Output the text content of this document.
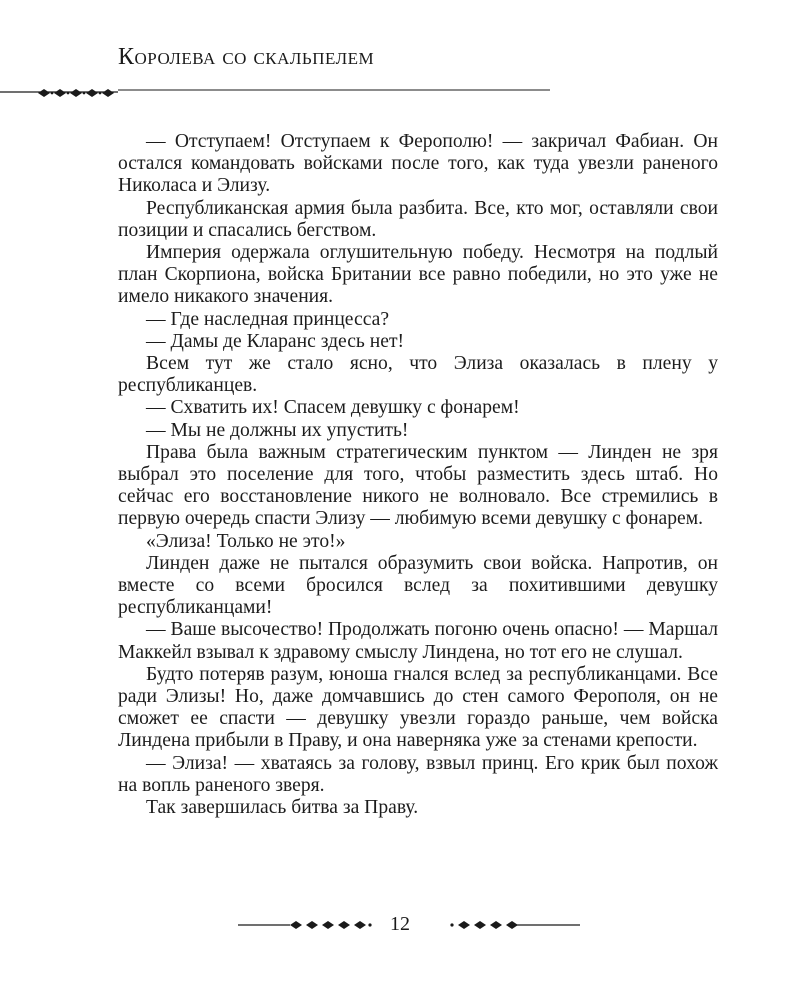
Королева со скальпелем

— Отступаем! Отступаем к Ферополю! — закричал Фабиан. Он остался командовать войсками после того, как туда увезли раненого Николаса и Элизу.

Республиканская армия была разбита. Все, кто мог, оставляли свои позиции и спасались бегством.

Империя одержала оглушительную победу. Несмотря на подлый план Скорпиона, войска Британии все равно победили, но это уже не имело никакого значения.

— Где наследная принцесса?

— Дамы де Кларанс здесь нет!

Всем тут же стало ясно, что Элиза оказалась в плену у республиканцев.

— Схватить их! Спасем девушку с фонарем!

— Мы не должны их упустить!

Права была важным стратегическим пунктом — Линден не зря выбрал это поселение для того, чтобы разместить здесь штаб. Но сейчас его восстановление никого не волновало. Все стремились в первую очередь спасти Элизу — любимую всеми девушку с фонарем.

«Элиза! Только не это!»

Линден даже не пытался образумить свои войска. Напротив, он вместе со всеми бросился вслед за похитившими девушку республиканцами!

— Ваше высочество! Продолжать погоню очень опасно! — Маршал Маккейл взывал к здравому смыслу Линдена, но тот его не слушал.

Будто потеряв разум, юноша гнался вслед за республиканцами. Все ради Элизы! Но, даже домчавшись до стен самого Ферополя, он не сможет ее спасти — девушку увезли гораздо раньше, чем войска Линдена прибыли в Праву, и она наверняка уже за стенами крепости.

— Элиза! — хватаясь за голову, взвыл принц. Его крик был похож на вопль раненого зверя.

Так завершилась битва за Праву.

12
